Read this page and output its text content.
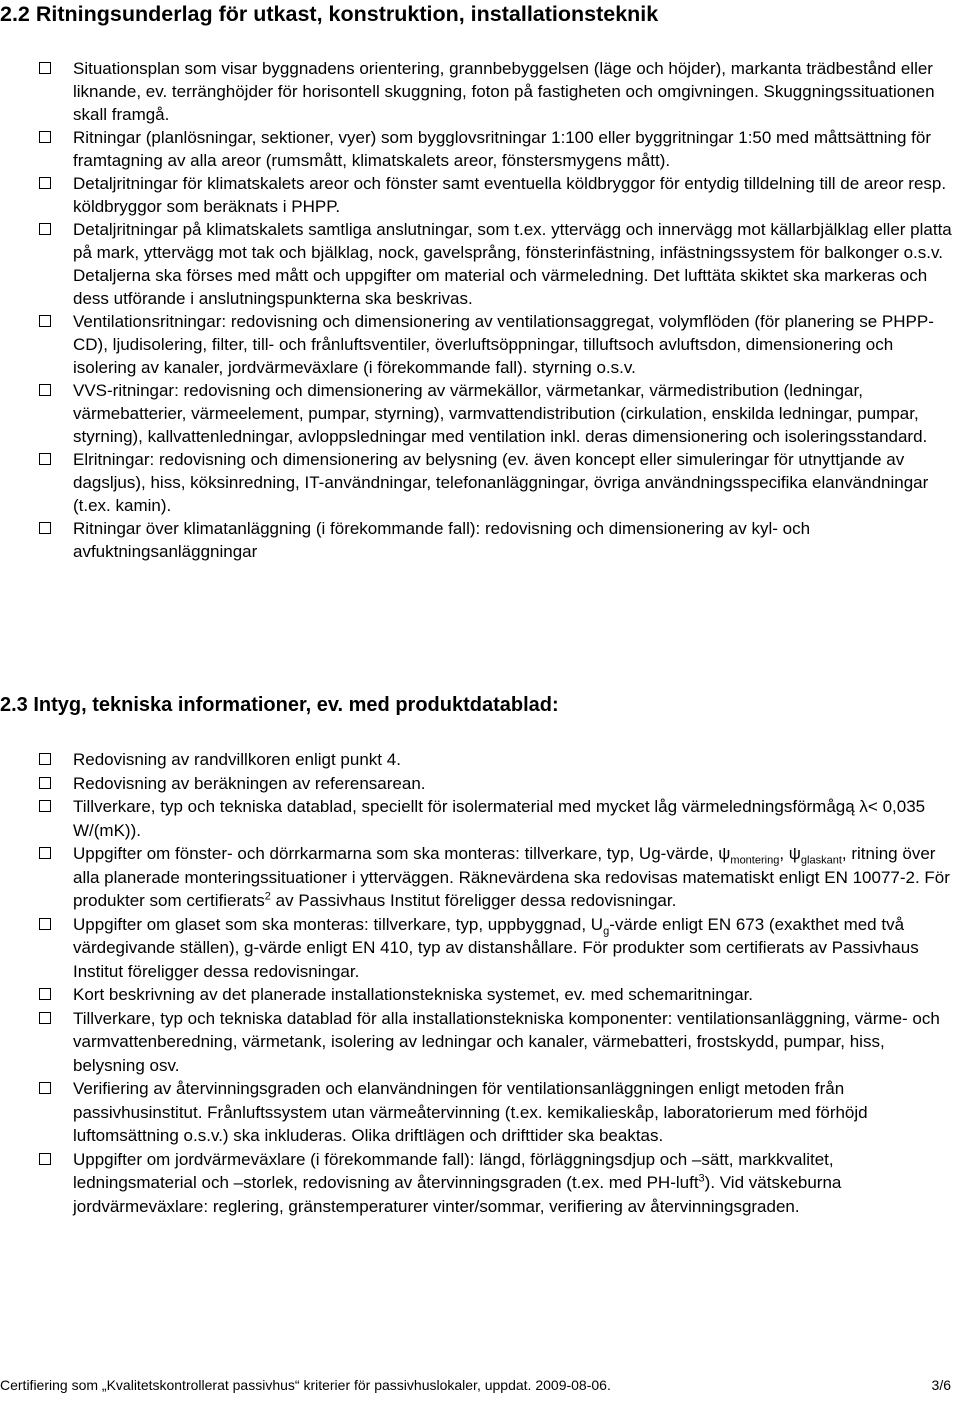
2.2 Ritningsunderlag för utkast, konstruktion, installationsteknik
Situationsplan som visar byggnadens orientering, grannbebyggelsen (läge och höjder), markanta trädbestånd eller liknande, ev. terränghöjder för horisontell skuggning, foton på fastigheten och omgivningen. Skuggningssituationen skall framgå.
Ritningar (planlösningar, sektioner, vyer) som bygglovsritningar 1:100 eller byggritningar 1:50 med måttsättning för framtagning av alla areor (rumsmått, klimatskalets areor, fönstersmygens mått).
Detaljritningar för klimatskalets areor och fönster samt eventuella köldbryggor för entydig tilldelning till de areor resp. köldbryggor som beräknats i PHPP.
Detaljritningar på klimatskalets samtliga anslutningar, som t.ex. yttervägg och innervägg mot källarbjälklag eller platta på mark, yttervägg mot tak och bjälklag, nock, gavelsprång, fönsterinfästning, infästningssystem för balkonger o.s.v. Detaljerna ska förses med mått och uppgifter om material och värmeledning. Det lufttäta skiktet ska markeras och dess utförande i anslutningspunkterna ska beskrivas.
Ventilationsritningar: redovisning och dimensionering av ventilationsaggregat, volymflöden (för planering se PHPP-CD), ljudisolering, filter, till- och frånluftsventiler, överluftsöppningar, tilluftsoch avluftsdon, dimensionering och isolering av kanaler, jordvärmeväxlare (i förekommande fall). styrning o.s.v.
VVS-ritningar: redovisning och dimensionering av värmekällor, värmetankar, värmedistribution (ledningar, värmebatterier, värmeelement, pumpar, styrning), varmvattendistribution (cirkulation, enskilda ledningar, pumpar, styrning), kallvattenledningar, avloppsledningar med ventilation inkl. deras dimensionering och isoleringsstandard.
Elritningar: redovisning och dimensionering av belysning (ev. även koncept eller simuleringar för utnyttjande av dagsljus), hiss, köksinredning, IT-användningar, telefonanläggningar, övriga användningsspecifika elanvändningar (t.ex. kamin).
Ritningar över klimatanläggning (i förekommande fall): redovisning och dimensionering av kyl- och avfuktningsanläggningar
2.3 Intyg, tekniska informationer, ev. med produktdatablad:
Redovisning av randvillkoren enligt punkt 4.
Redovisning av beräkningen av referensarean.
Tillverkare, typ och tekniska datablad, speciellt för isolermaterial med mycket låg värmeledningsförmågą λ< 0,035 W/(mK)).
Uppgifter om fönster- och dörrkarmarna som ska monteras: tillverkare, typ, Ug-värde, $\psi_{montering}$, $\psi_{glaskant}$, ritning över alla planerade monteringssituationer i ytterväggen. Räknevärdena ska redovisas matematiskt enligt EN 10077-2. För produkter som certifierats$^2$ av Passivhaus Institut föreligger dessa redovisningar.
Uppgifter om glaset som ska monteras: tillverkare, typ, uppbyggnad, $U_g$-värde enligt EN 673 (exakthet med två värdegivande ställen), g-värde enligt EN 410, typ av distanshållare. För produkter som certifierats av Passivhaus Institut föreligger dessa redovisningar.
Kort beskrivning av det planerade installationstekniska systemet, ev. med schemaritningar.
Tillverkare, typ och tekniska datablad för alla installationstekniska komponenter: ventilationsanläggning, värme- och varmvattenberedning, värmetank, isolering av ledningar och kanaler, värmebatteri, frostskydd, pumpar, hiss, belysning osv.
Verifiering av återvinningsgraden och elanvändningen för ventilationsanläggningen enligt metoden från passivhusinstitut. Frånluftssystem utan värmeåtervinning (t.ex. kemikalieskåp, laboratorierum med förhöjd luftomsättning o.s.v.) ska inkluderas. Olika driftlägen och drifttider ska beaktas.
Uppgifter om jordvärmeväxlare (i förekommande fall): längd, förläggningsdjup och –sätt, markkvalitet, ledningsmaterial och –storlek, redovisning av återvinningsgraden (t.ex. med PH-luft$^3$). Vid vätskeburna jordvärmeväxlare: reglering, gränstemperaturer vinter/sommar, verifiering av återvinningsgraden.
Certifiering som „Kvalitetskontrollerat passivhus“ kriterier för passivhuslokaler, uppdat. 2009-08-06.	3/6
